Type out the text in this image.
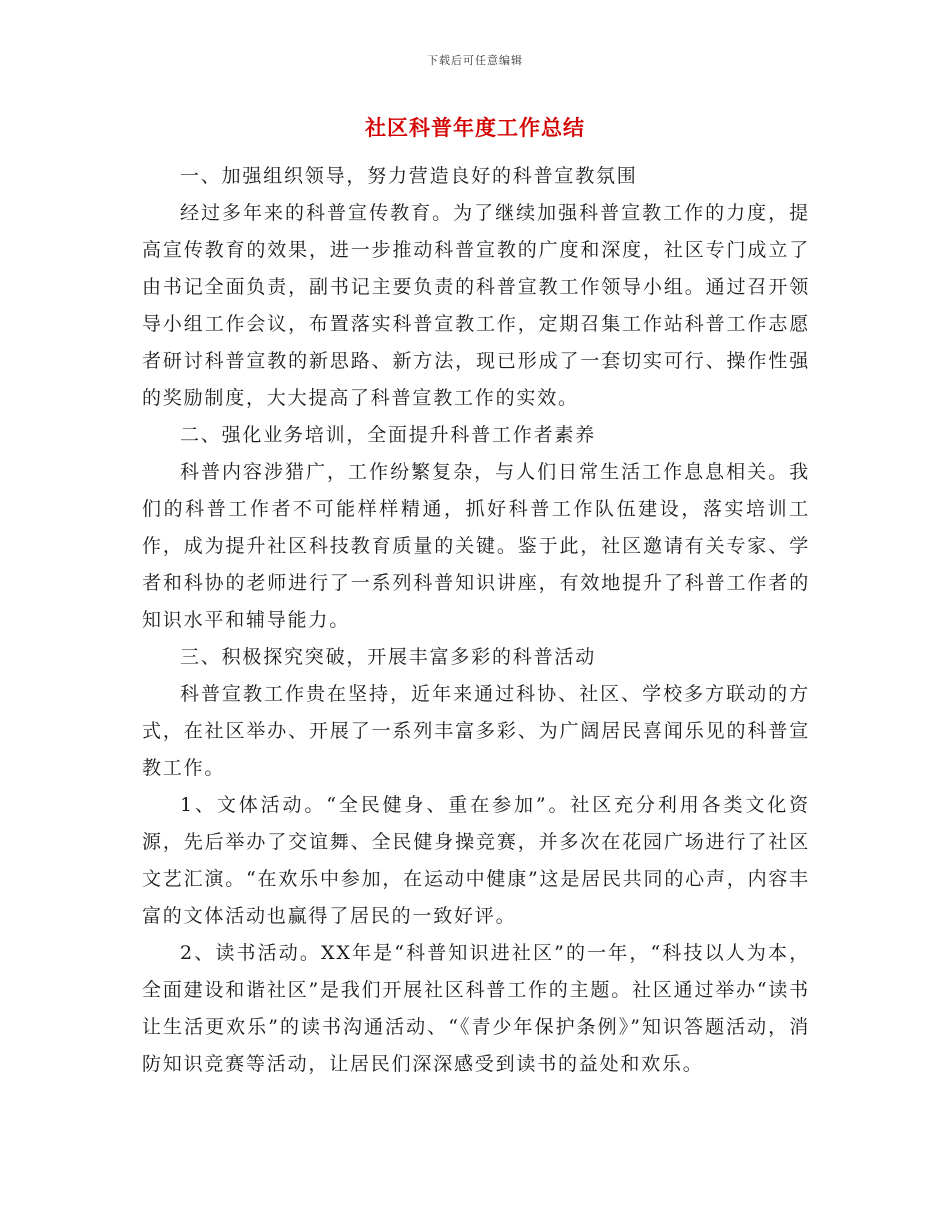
下载后可任意编辑
社区科普年度工作总结

一、加强组织领导，努力营造良好的科普宣教氛围

经过多年来的科普宣传教育。为了继续加强科普宣教工作的力度，提高宣传教育的效果，进一步推动科普宣教的广度和深度，社区专门成立了由书记全面负责，副书记主要负责的科普宣教工作领导小组。通过召开领导小组工作会议，布置落实科普宣教工作，定期召集工作站科普工作志愿者研讨科普宣教的新思路、新方法，现已形成了一套切实可行、操作性强的奖励制度，大大提高了科普宣教工作的实效。

二、强化业务培训，全面提升科普工作者素养

科普内容涉猎广，工作纷繁复杂，与人们日常生活工作息息相关。我们的科普工作者不可能样样精通，抓好科普工作队伍建设，落实培训工作，成为提升社区科技教育质量的关键。鉴于此，社区邀请有关专家、学者和科协的老师进行了一系列科普知识讲座，有效地提升了科普工作者的知识水平和辅导能力。

三、积极探究突破，开展丰富多彩的科普活动

科普宣教工作贵在坚持，近年来通过科协、社区、学校多方联动的方式，在社区举办、开展了一系列丰富多彩、为广阔居民喜闻乐见的科普宣教工作。

1、文体活动。“全民健身、重在参加”。社区充分利用各类文化资源，先后举办了交谊舞、全民健身操竞赛，并多次在花园广场进行了社区文艺汇演。“在欢乐中参加，在运动中健康”这是居民共同的心声，内容丰富的文体活动也赢得了居民的一致好评。

2、读书活动。XX年是“科普知识进社区”的一年，“科技以人为本，全面建设和谐社区”是我们开展社区科普工作的主题。社区通过举办“读书让生活更欢乐”的读书沟通活动、“《青少年保护条例》”知识答题活动，消防知识竞赛等活动，让居民们深深感受到读书的益处和欢乐。
